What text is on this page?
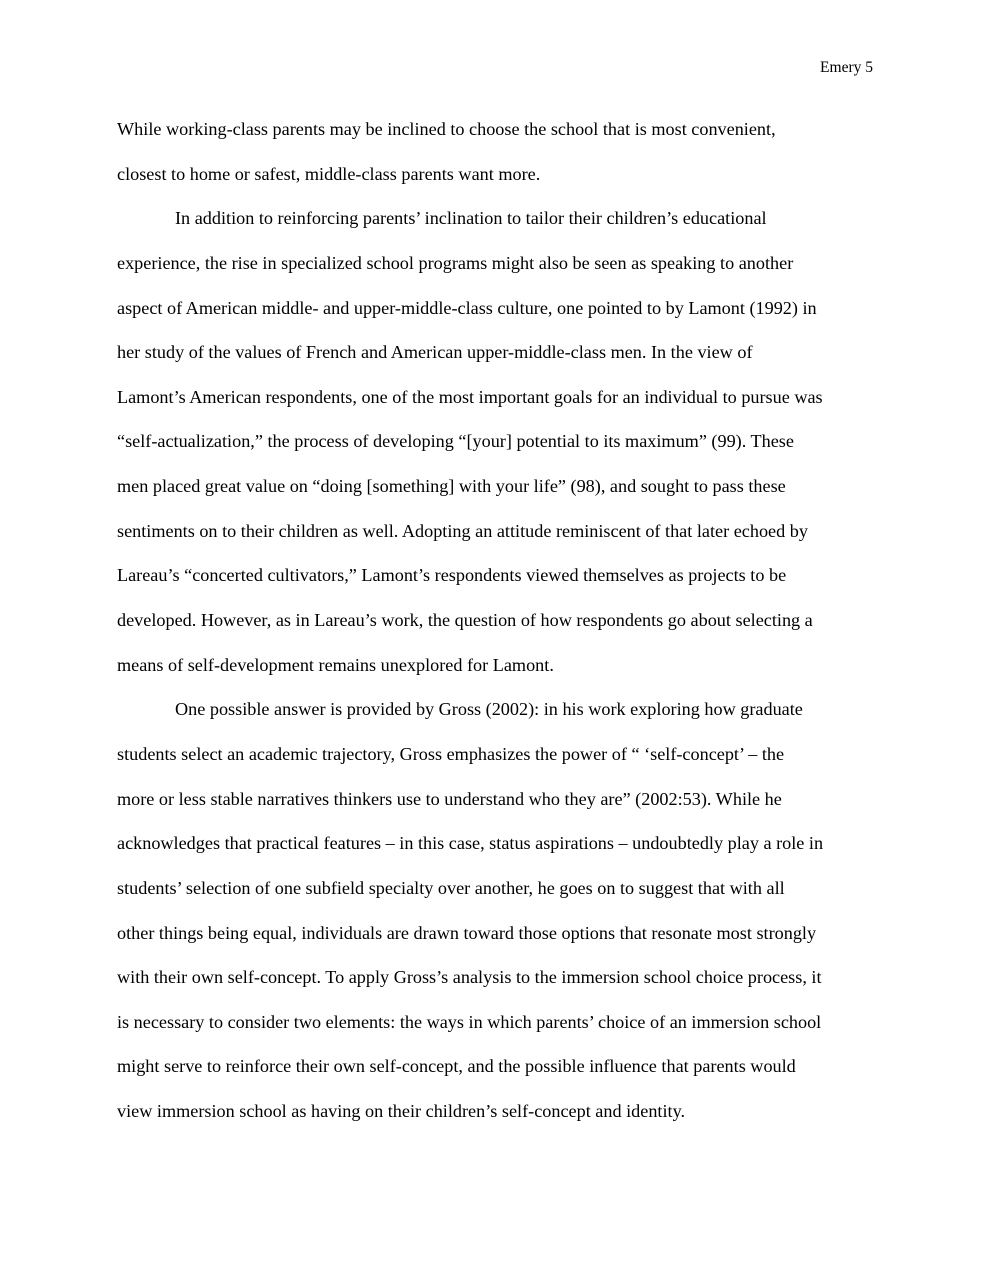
Emery 5
While working-class parents may be inclined to choose the school that is most convenient,
closest to home or safest, middle-class parents want more.
In addition to reinforcing parents’ inclination to tailor their children’s educational
experience, the rise in specialized school programs might also be seen as speaking to another
aspect of American middle- and upper-middle-class culture, one pointed to by Lamont (1992) in
her study of the values of French and American upper-middle-class men. In the view of
Lamont’s American respondents, one of the most important goals for an individual to pursue was
“self-actualization,” the process of developing “[your] potential to its maximum” (99). These
men placed great value on “doing [something] with your life” (98), and sought to pass these
sentiments on to their children as well. Adopting an attitude reminiscent of that later echoed by
Lareau’s “concerted cultivators,” Lamont’s respondents viewed themselves as projects to be
developed. However, as in Lareau’s work, the question of how respondents go about selecting a
means of self-development remains unexplored for Lamont.
One possible answer is provided by Gross (2002): in his work exploring how graduate
students select an academic trajectory, Gross emphasizes the power of “ ‘self-concept’ – the
more or less stable narratives thinkers use to understand who they are” (2002:53). While he
acknowledges that practical features – in this case, status aspirations – undoubtedly play a role in
students’ selection of one subfield specialty over another, he goes on to suggest that with all
other things being equal, individuals are drawn toward those options that resonate most strongly
with their own self-concept. To apply Gross’s analysis to the immersion school choice process, it
is necessary to consider two elements: the ways in which parents’ choice of an immersion school
might serve to reinforce their own self-concept, and the possible influence that parents would
view immersion school as having on their children’s self-concept and identity.
